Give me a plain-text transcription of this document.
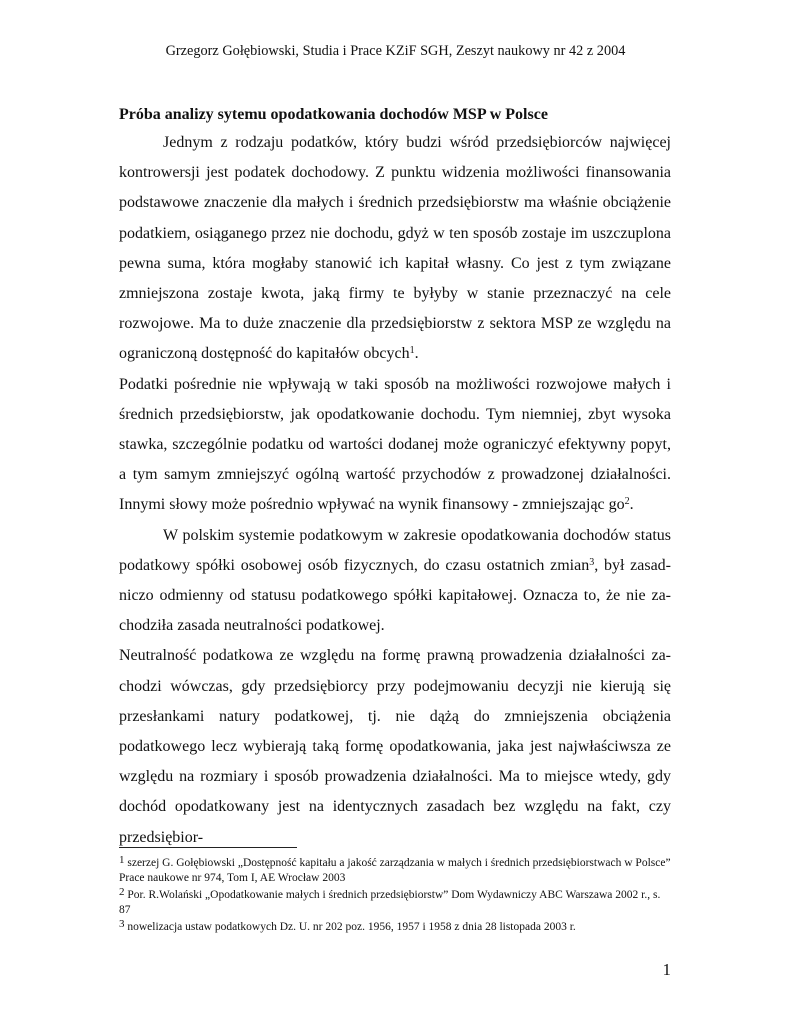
Grzegorz Gołębiowski, Studia i Prace KZiF SGH, Zeszyt naukowy nr 42 z 2004
Próba analizy sytemu opodatkowania dochodów MSP w Polsce

Jednym z rodzaju podatków, który budzi wśród przedsiębiorców najwięcej kontrowersji jest podatek dochodowy. Z punktu widzenia możliwości finansowania podstawowe znaczenie dla małych i średnich przedsiębiorstw ma właśnie obciążenie podatkiem, osiąganego przez nie dochodu, gdyż w ten sposób zostaje im uszczuplona pewna suma, która mogłaby stanowić ich kapitał własny. Co jest z tym związane zmniejszona zostaje kwota, jaką firmy te byłyby w stanie przeznaczyć na cele rozwojowe. Ma to duże znaczenie dla przedsiębiorstw z sektora MSP ze względu na ograniczoną dostępność do kapitałów obcych$^1$.

Podatki pośrednie nie wpływają w taki sposób na możliwości rozwojowe małych i średnich przedsiębiorstw, jak opodatkowanie dochodu. Tym niemniej, zbyt wysoka stawka, szczególnie podatku od wartości dodanej może ograniczyć efektywny popyt, a tym samym zmniejszyć ogólną wartość przychodów z prowadzonej działalności. Innymi słowy może pośrednio wpływać na wynik finansowy - zmniejszając go$^2$.

W polskim systemie podatkowym w zakresie opodatkowania dochodów status podatkowy spółki osobowej osób fizycznych, do czasu ostatnich zmian$^3$, był zasadniczo odmienny od statusu podatkowego spółki kapitałowej. Oznacza to, że nie zachodziła zasada neutralności podatkowej.

Neutralność podatkowa ze względu na formę prawną prowadzenia działalności zachodzi wówczas, gdy przedsiębiorcy przy podejmowaniu decyzji nie kierują się przesłankami natury podatkowej, tj. nie dążą do zmniejszenia obciążenia podatkowego lecz wybierają taką formę opodatkowania, jaka jest najwłaściwsza ze względu na rozmiary i sposób prowadzenia działalności. Ma to miejsce wtedy, gdy dochód opodatkowany jest na identycznych zasadach bez względu na fakt, czy przedsiębior-

$^1$ szerzej G. Gołębiowski „Dostępność kapitału a jakość zarządzania w małych i średnich przedsiębiorstwach w Polsce” Prace naukowe nr 974, Tom I, AE Wrocław 2003

$^2$ Por. R.Wolański „Opodatkowanie małych i średnich przedsiębiorstw” Dom Wydawniczy ABC Warszawa 2002 r., s. 87

$^3$ nowelizacja ustaw podatkowych Dz. U. nr 202 poz. 1956, 1957 i 1958 z dnia 28 listopada 2003 r.

1
